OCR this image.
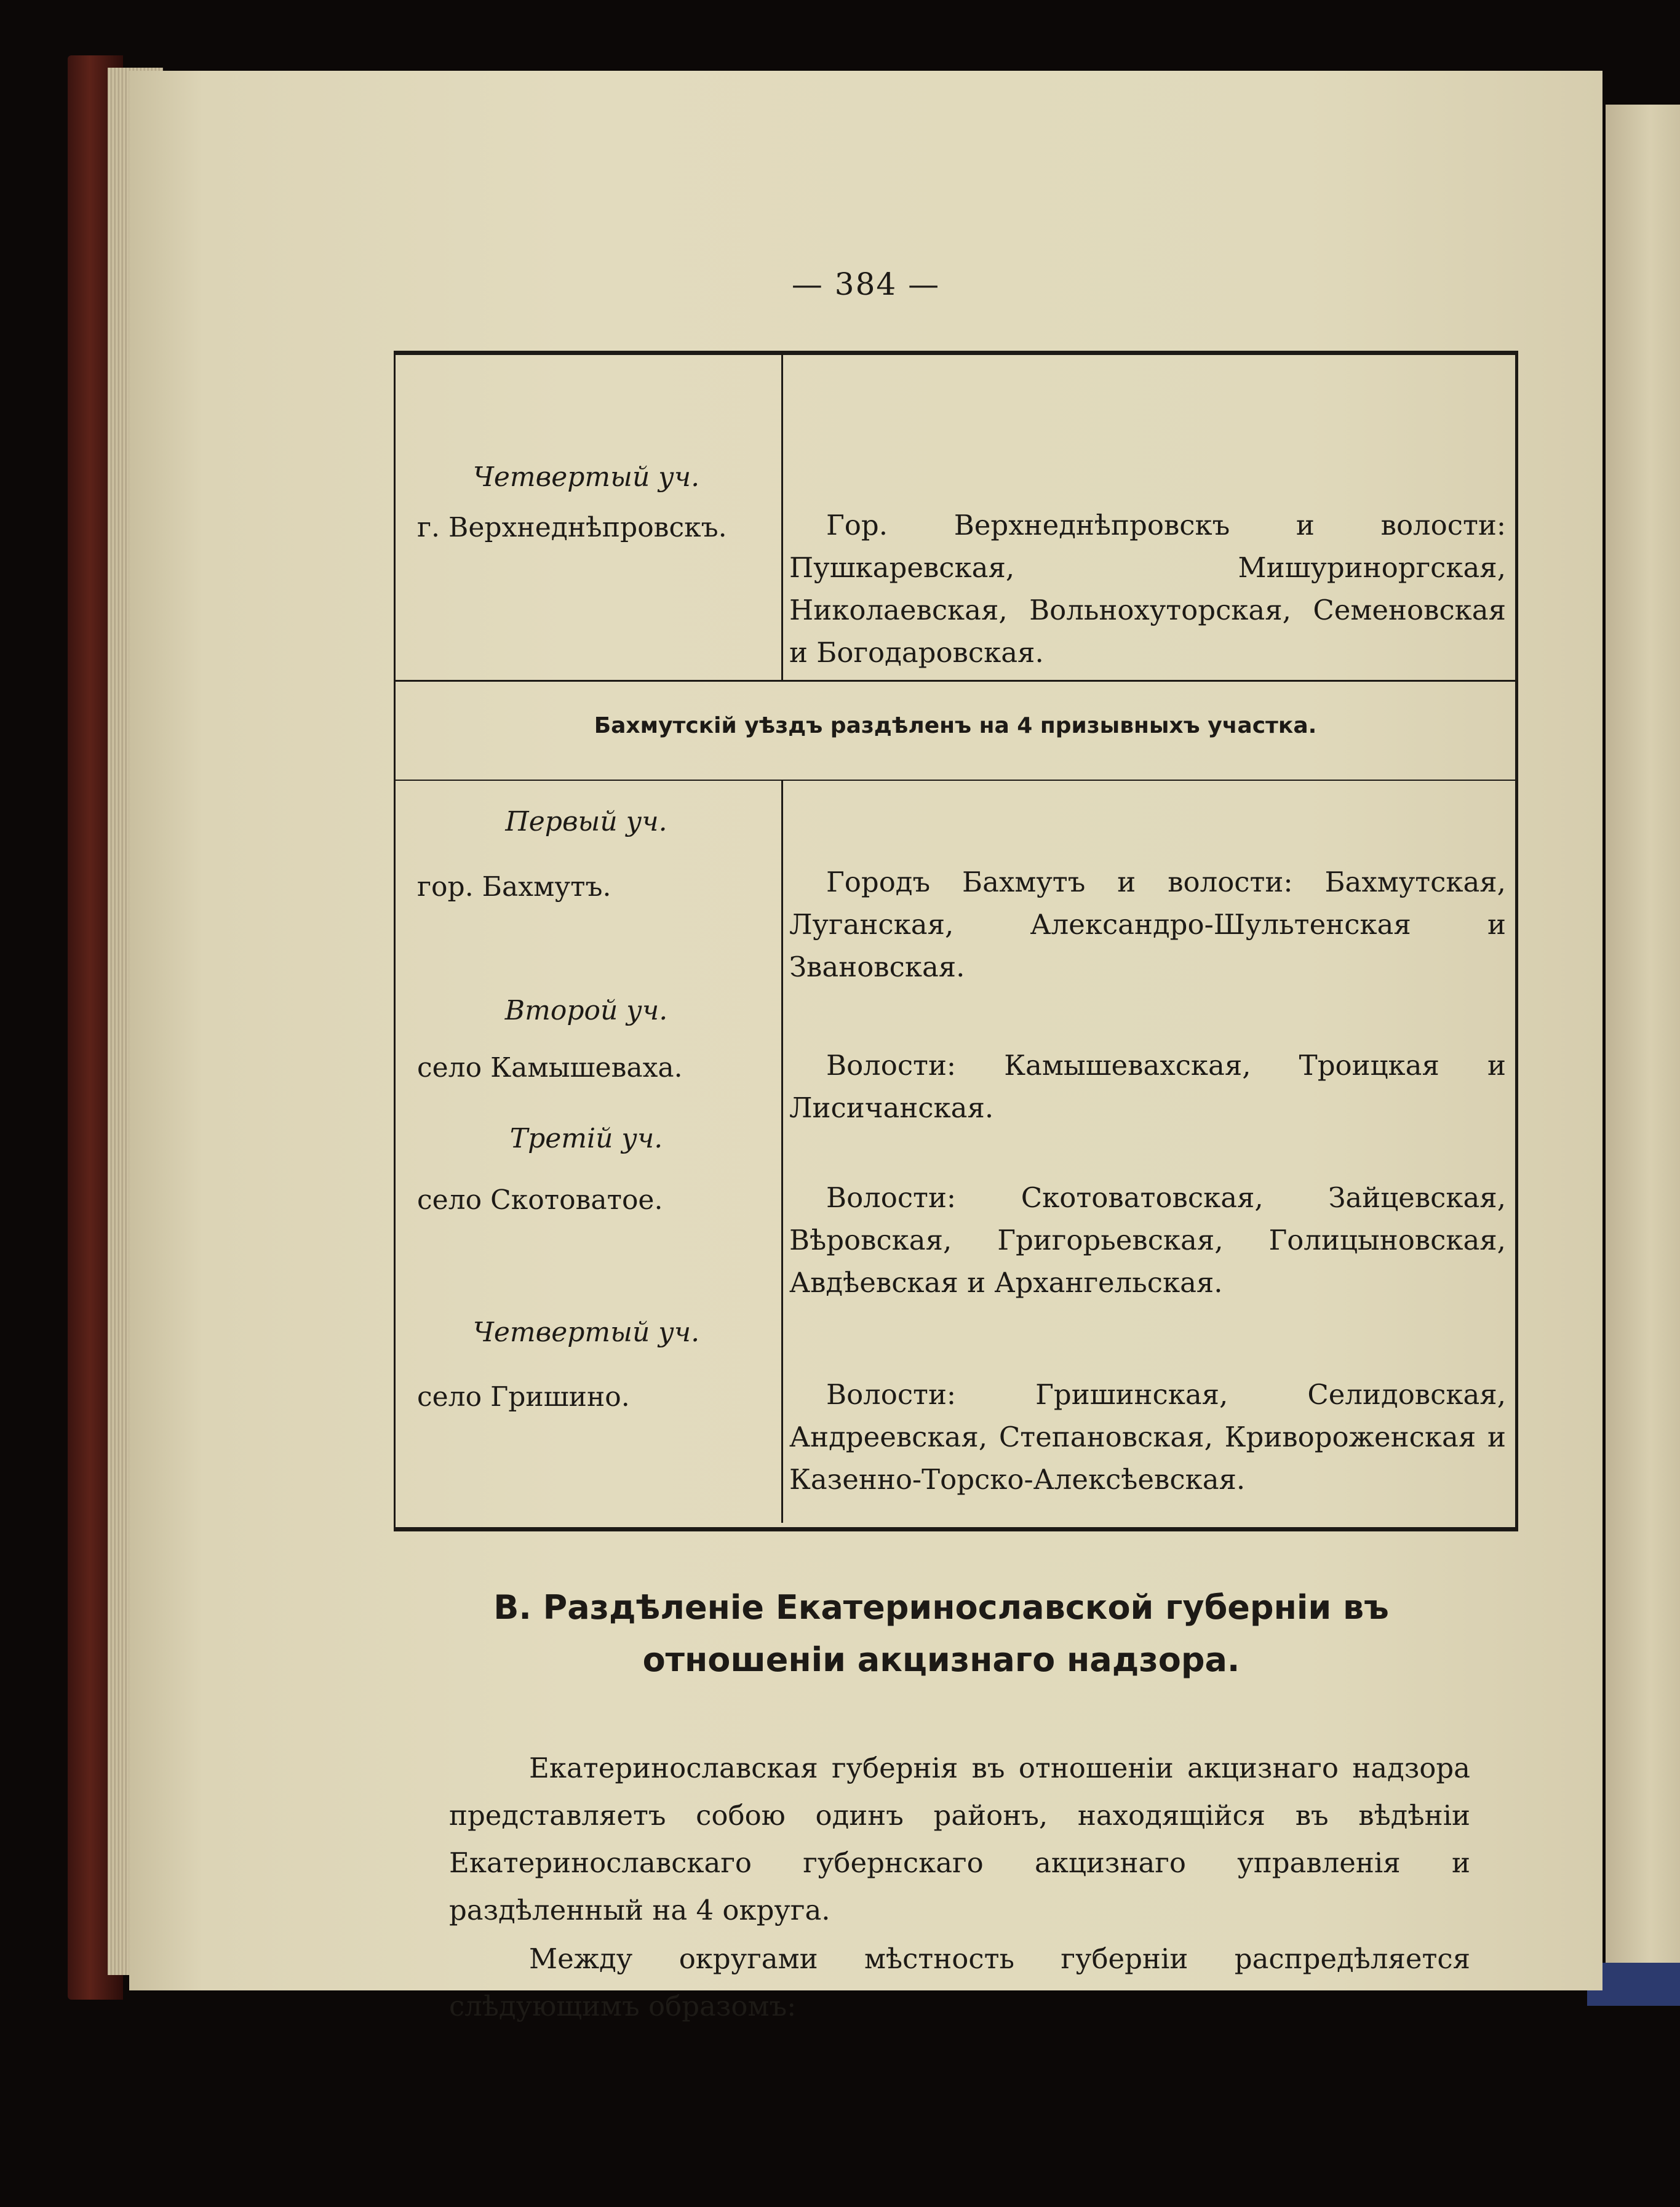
— 384 —
Четвертый уч.
г. Верхнеднѣпровскъ.	Гор. Верхнеднѣпровскъ и волости: Пушкаревская, Мишуриноргская, Николаевская, Вольнохуторская, Семеновская и Богодаровская.
Бахмутскій уѣздъ раздѣленъ на 4 призывныхъ участка.
Первый уч.
гор. Бахмутъ.	Городъ Бахмутъ и волости: Бахмутская, Луганская, Александро-Шультенская и Звановская.
Второй уч.
село Камышеваха.	Волости: Камышевахская, Троицкая и Лисичанская.
Третій уч.
село Скотоватое.	Волости: Скотоватовская, Зайцевская, Вѣровская, Григорьевская, Голицыновская, Авдѣевская и Архангельская.
Четвертый уч.
село Гришино.	Волости: Гришинская, Селидовская, Андреевская, Степановская, Кривороженская и Казенно-Торско-Алексѣевская.
В. Раздѣленіе Екатеринославской губерніи въ отношеніи акцизнаго надзора.
Екатеринославская губернія въ отношеніи акцизнаго надзора представляетъ собою одинъ районъ, находящійся въ вѣдѣніи Екатеринославскаго губернскаго акцизнаго управленія и раздѣленный на 4 округа.
Между округами мѣстность губерніи распредѣляется слѣдующимъ образомъ:
